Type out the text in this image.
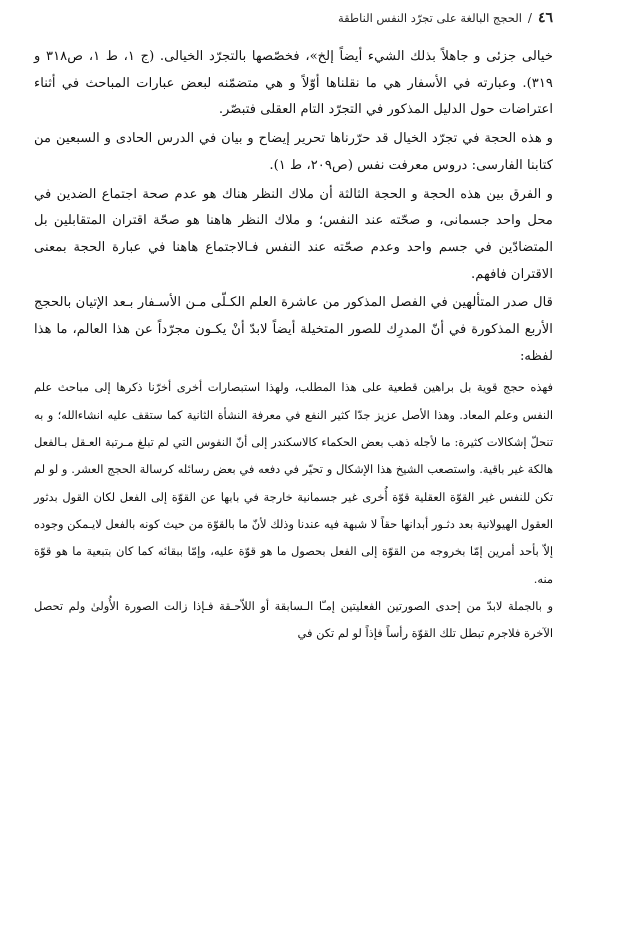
٤٦
/
الحجج البالغة على تجرّد النفس الناطقة

خيالى جزئى و جاهلاً بذلك الشيء أيضاً إلخ»، فخصّصها بالتجرّد الخيالى. (ج ١، ط ١، ص٣١٨ و ٣١٩). وعبارته في الأسفار هي ما نقلناها أوّلاً و هي متضمّنه لبعض عبارات المباحث في أثناء اعتراضات حول الدليل المذكور في التجرّد التام العقلى فتبصّر.

و هذه الحجة في تجرّد الخيال قد حرّرناها تحرير إيضاح و بيان في الدرس الحادى و السبعين من كتابنا الفارسى: دروس معرفت نفس (ص٢٠٩، ط ١).

و الفرق بين هذه الحجة و الحجة الثالثة أن ملاك النظر هناك هو عدم صحة اجتماع الضدين في محل واحد جسمانى، و صحّته عند النفس؛ و ملاك النظر هاهنا هو صحّة اقتران المتقابلين بل المتضادّين في جسم واحد وعدم صحّته عند النفس فـالاجتماع هاهنا في عبارة الحجة بمعنى الاقتران فافهم.

قال صدر المتألهين في الفصل المذكور من عاشرة العلم الكـلّى مـن الأسـفار بـعد الإتيان بالحجج الأربع المذكورة في أنّ المدرِك للصور المتخيلة أيضاً لابدّ أنْ يكـون مجرّداً عن هذا العالم، ما هذا لفظه:

فهذه حجج قوية بل براهين قطعية على هذا المطلب، ولهذا استبصارات أخرى أخرّنا ذكرها إلى مباحث علم النفس وعلم المعاد. وهذا الأصل عزيز جدّا كثير النفع في معرفة النشأة الثانية كما ستقف عليه انشاءالله؛ و به تنحلّ إشكالات كثيرة: ما لأجله ذهب بعض الحكماء كالاسكندر إلى أنّ النفوس التي لم تبلغ مـرتبة العـقل بـالفعل هالكة غير باقية. واستصعب الشيخ هذا الإشكال و تحيّر في دفعه في بعض رسائله كرسالة الحجج العشر. و لو لم تكن للنفس غير القوّة العقلية قوّة أُخرى غير جسمانية خارجة في بابها عن القوّة إلى الفعل لكان القول بدثور العقول الهيولانية بعد دثـور أبدانها حقاً لا شبهة فيه عندنا وذلك لأنّ ما بالقوّة من حيث كونه بالفعل لايـمكن وجوده إلاّ بأحد أمرين إمّا بخروجه من القوّة إلى الفعل بحصول ما هو قوّة عليه، وإمّا ببقائه كما كان بتبعية ما هو قوّة منه.

و بالجملة لابدّ من إحدى الصورتين الفعليتين إمـّا الـسابقة أو اللاّحـقة فـإذا زالت الصورة الأُولىٰ ولم تحصل الآخرة فلاجرم تبطل تلك القوّة رأساً فإذاً لو لم تكن في
